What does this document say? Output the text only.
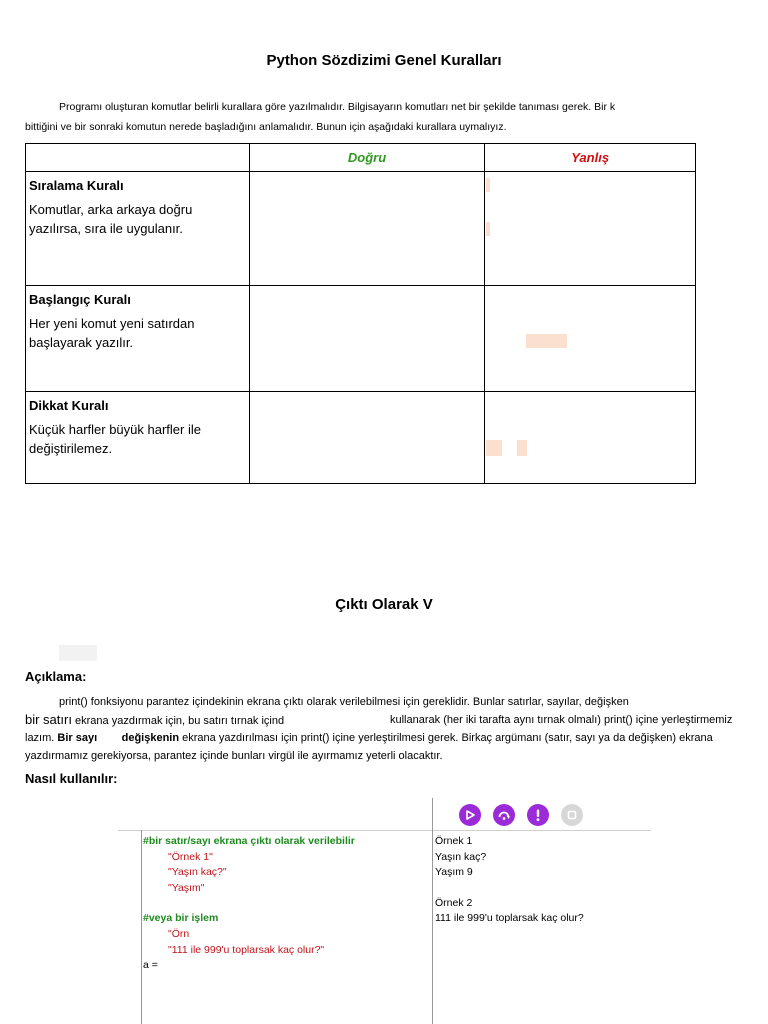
Python Sözdizimi Genel Kuralları
Programı oluşturan komutlar belirli kurallara göre yazılmalıdır. Bilgisayarın komutları net bir şekilde tanıması gerek. Bir k
bittiğini ve bir sonraki komutun nerede başladığını anlamalıdır. Bunun için aşağıdaki kurallara uymalıyız.
	Doğru	Yanlış

Sıralama Kuralı
Komutlar, arka arkaya doğru yazılırsa, sıra ile uygulanır.		

Başlangıç Kuralı
Her yeni komut yeni satırdan başlayarak yazılır.		

Dikkat Kuralı
Küçük harfler büyük harfler ile değiştirilemez.		
Çıktı Olarak V
Açıklama:
print() fonksiyonu parantez içindekinin ekrana çıktı olarak verilebilmesi için gereklidir. Bunlar satırlar, sayılar, değişken
bir satırı ekrana yazdırmak için, bu satırı tırnak içind	kullanarak (her iki tarafta aynı tırnak olmalı) print() içine yerleştirmemiz
lazım. Bir sayı değişkenin ekrana yazdırılması için print() içine yerleştirilmesi gerek. Birkaç argümanı (satır, sayı ya da değişken) ekrana
yazdırmamız gerekiyorsa, parantez içinde bunları virgül ile ayırmamız yeterli olacaktır.
Nasıl kullanılır:
#bir satır/sayı ekrana çıktı olarak verilebilir
"Örnek 1"
"Yaşın kaç?"
"Yaşım"
#veya bir işlem
"Örn
"111 ile 999'u toplarsak kaç olur?"
a =
Örnek 1
Yaşın kaç?
Yaşım 9
Örnek 2
111 ile 999'u toplarsak kaç olur?
